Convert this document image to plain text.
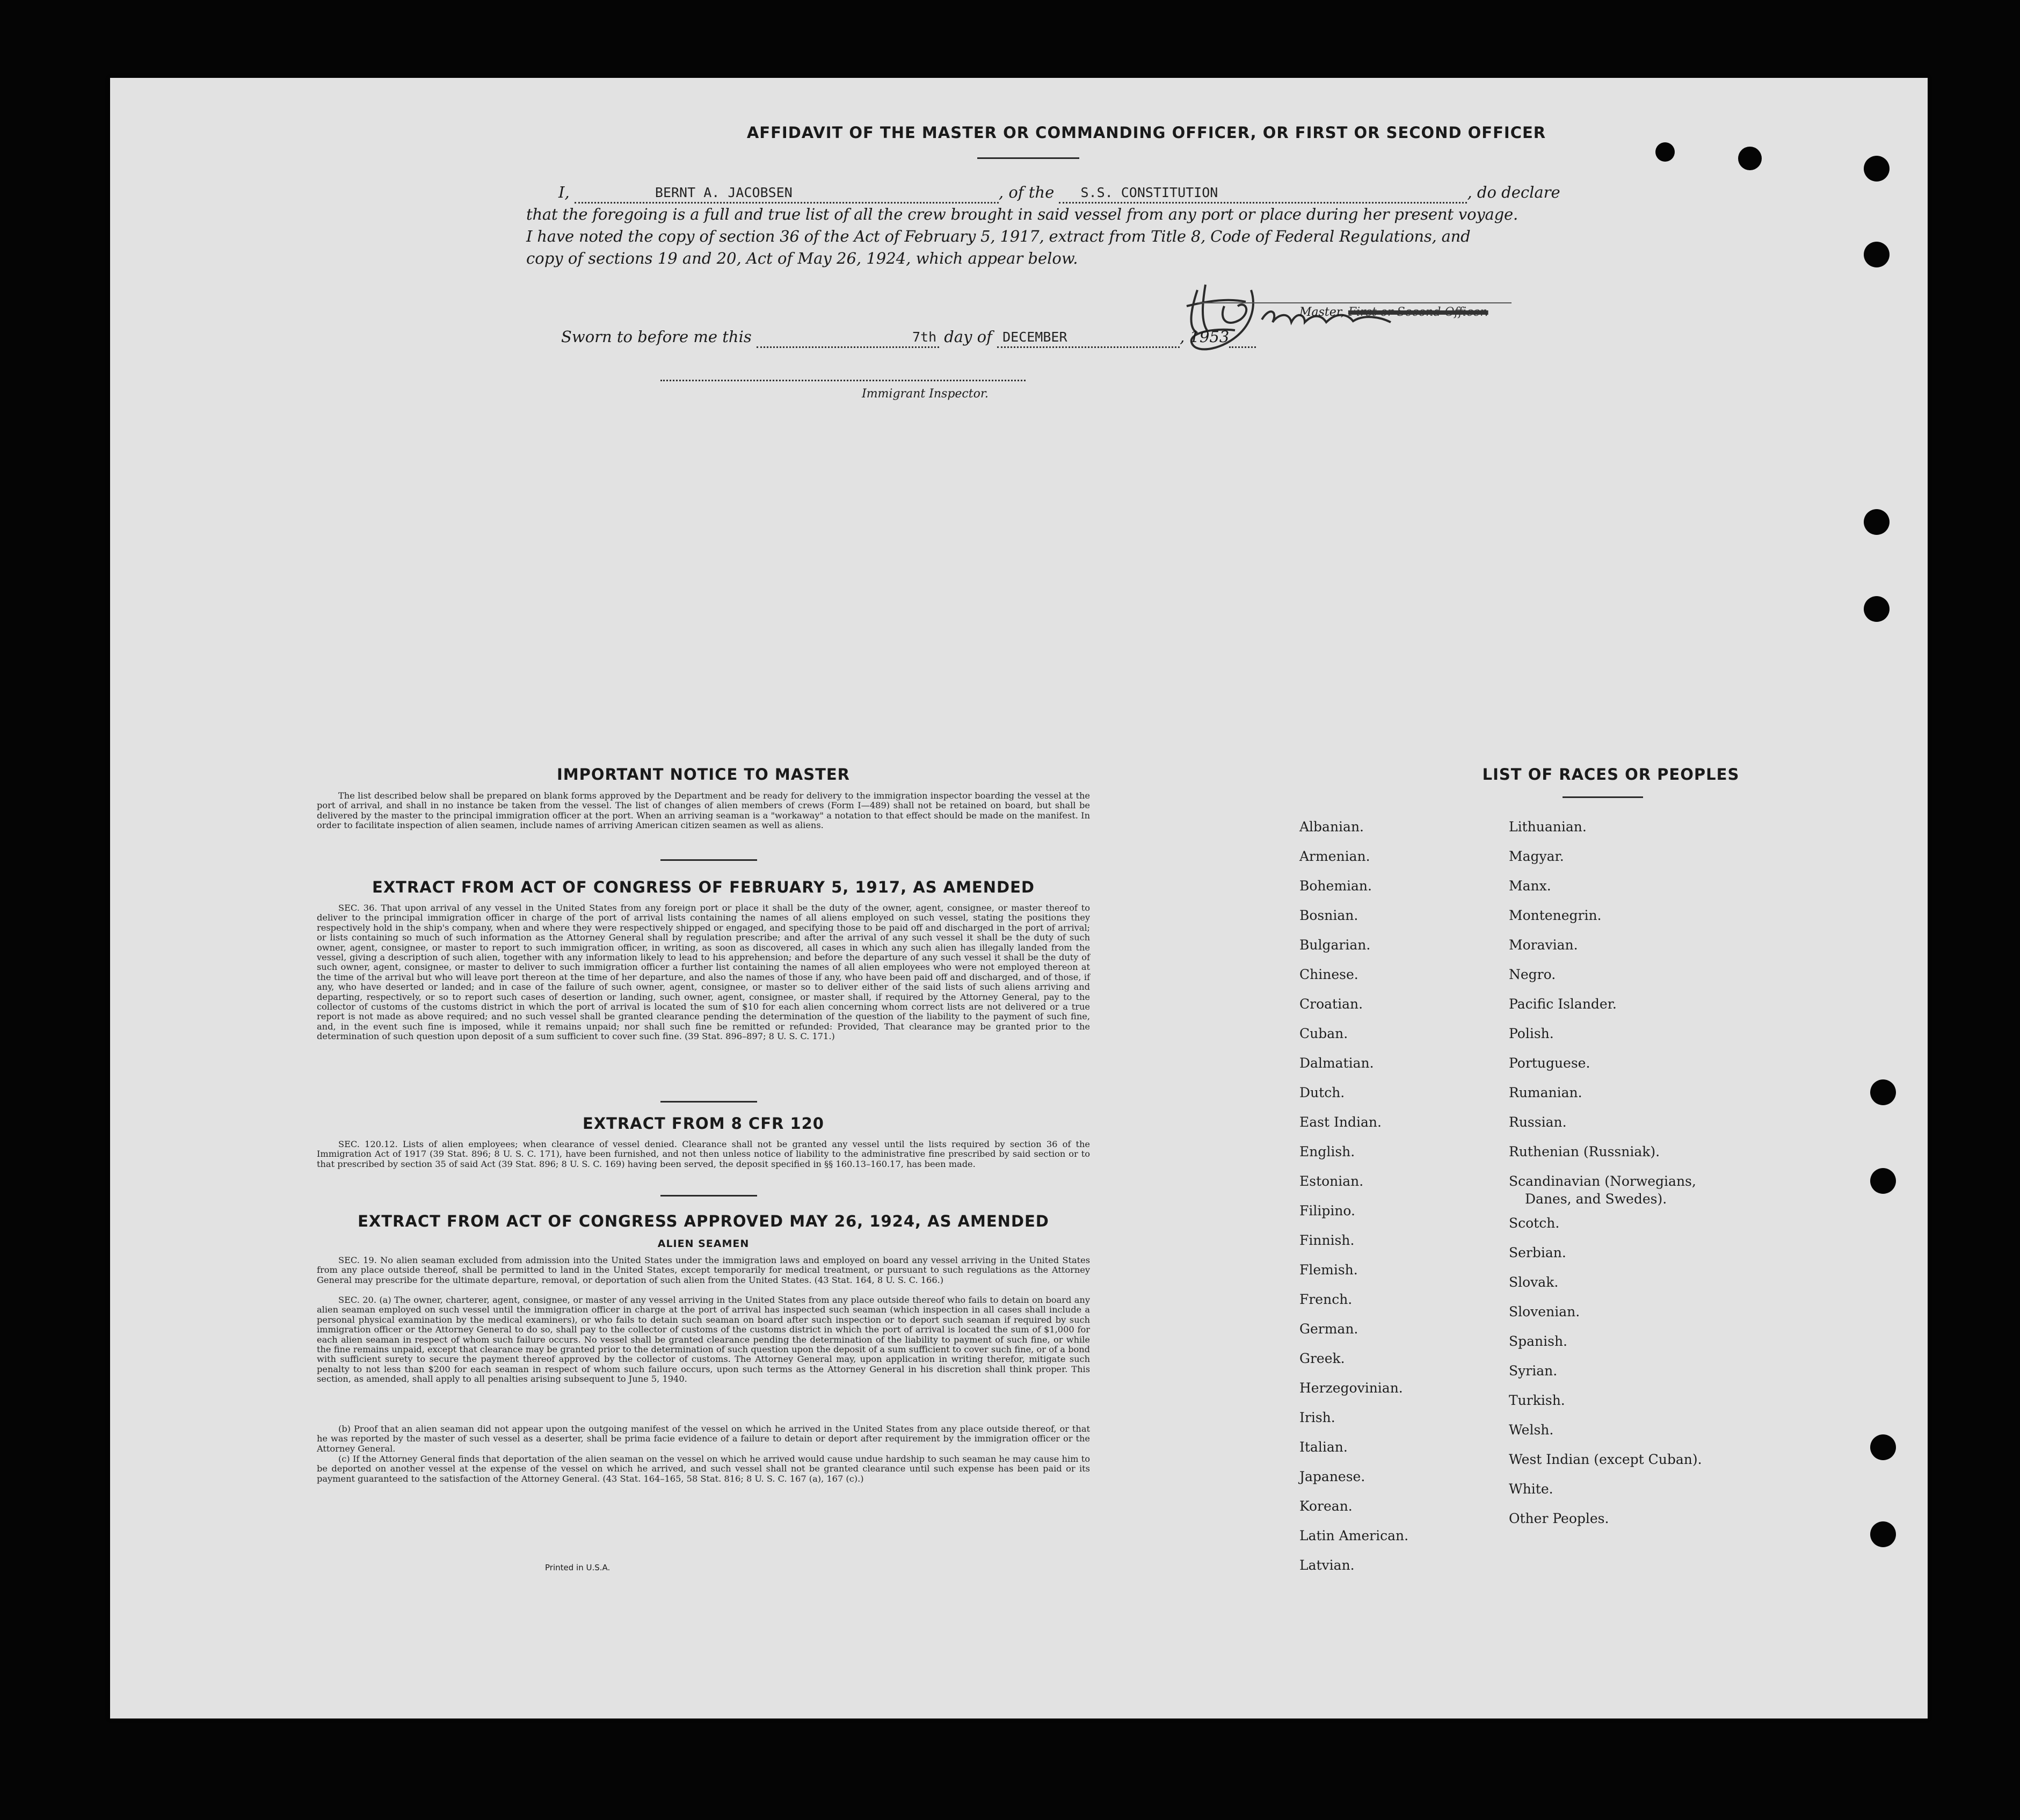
AFFIDAVIT OF THE MASTER OR COMMANDING OFFICER, OR FIRST OR SECOND OFFICER
I,	BERNT A. JACOBSEN	, of the S.S. CONSTITUTION	, do declare
that the foregoing is a full and true list of all the crew brought in said vessel from any port or place during her present voyage.
I have noted the copy of section 36 of the Act of February 5, 1917, extract from Title 8, Code of Federal Regulations, and
copy of sections 19 and 20, Act of May 26, 1924, which appear below.
Master, First or Second Officer.
Sworn to before me this	7th day of DECEMBER	, 1953
Immigrant Inspector.
IMPORTANT NOTICE TO MASTER
The list described below shall be prepared on blank forms approved by the Department and be ready for delivery to the immigration inspector boarding the vessel at the port of arrival, and shall in no instance be taken from the vessel. The list of changes of alien members of crews (Form I—489) shall not be retained on board, but shall be delivered by the master to the principal immigration officer at the port. When an arriving seaman is a "workaway" a notation to that effect should be made on the manifest. In order to facilitate inspection of alien seamen, include names of arriving American citizen seamen as well as aliens.
EXTRACT FROM ACT OF CONGRESS OF FEBRUARY 5, 1917, AS AMENDED
SEC. 36. That upon arrival of any vessel in the United States from any foreign port or place it shall be the duty of the owner, agent, consignee, or master thereof to deliver to the principal immigration officer in charge of the port of arrival lists containing the names of all aliens employed on such vessel, stating the positions they respectively hold in the ship's company, when and where they were respectively shipped or engaged, and specifying those to be paid off and discharged in the port of arrival; or lists containing so much of such information as the Attorney General shall by regulation prescribe; and after the arrival of any such vessel it shall be the duty of such owner, agent, consignee, or master to report to such immigration officer, in writing, as soon as discovered, all cases in which any such alien has illegally landed from the vessel, giving a description of such alien, together with any information likely to lead to his apprehension; and before the departure of any such vessel it shall be the duty of such owner, agent, consignee, or master to deliver to such immigration officer a further list containing the names of all alien employees who were not employed thereon at the time of the arrival but who will leave port thereon at the time of her departure, and also the names of those if any, who have been paid off and discharged, and of those, if any, who have deserted or landed; and in case of the failure of such owner, agent, consignee, or master so to deliver either of the said lists of such aliens arriving and departing, respectively, or so to report such cases of desertion or landing, such owner, agent, consignee, or master shall, if required by the Attorney General, pay to the collector of customs of the customs district in which the port of arrival is located the sum of $10 for each alien concerning whom correct lists are not delivered or a true report is not made as above required; and no such vessel shall be granted clearance pending the determination of the question of the liability to the payment of such fine, and, in the event such fine is imposed, while it remains unpaid; nor shall such fine be remitted or refunded: Provided, That clearance may be granted prior to the determination of such question upon deposit of a sum sufficient to cover such fine. (39 Stat. 896–897; 8 U. S. C. 171.)
EXTRACT FROM 8 CFR 120
SEC. 120.12. Lists of alien employees; when clearance of vessel denied. Clearance shall not be granted any vessel until the lists required by section 36 of the Immigration Act of 1917 (39 Stat. 896; 8 U. S. C. 171), have been furnished, and not then unless notice of liability to the administrative fine prescribed by said section or to that prescribed by section 35 of said Act (39 Stat. 896; 8 U. S. C. 169) having been served, the deposit specified in §§ 160.13–160.17, has been made.
EXTRACT FROM ACT OF CONGRESS APPROVED MAY 26, 1924, AS AMENDED
ALIEN SEAMEN
SEC. 19. No alien seaman excluded from admission into the United States under the immigration laws and employed on board any vessel arriving in the United States from any place outside thereof, shall be permitted to land in the United States, except temporarily for medical treatment, or pursuant to such regulations as the Attorney General may prescribe for the ultimate departure, removal, or deportation of such alien from the United States. (43 Stat. 164, 8 U. S. C. 166.)
SEC. 20. (a) The owner, charterer, agent, consignee, or master of any vessel arriving in the United States from any place outside thereof who fails to detain on board any alien seaman employed on such vessel until the immigration officer in charge at the port of arrival has inspected such seaman (which inspection in all cases shall include a personal physical examination by the medical examiners), or who fails to detain such seaman on board after such inspection or to deport such seaman if required by such immigration officer or the Attorney General to do so, shall pay to the collector of customs of the customs district in which the port of arrival is located the sum of $1,000 for each alien seaman in respect of whom such failure occurs. No vessel shall be granted clearance pending the determination of the liability to payment of such fine, or while the fine remains unpaid, except that clearance may be granted prior to the determination of such question upon the deposit of a sum sufficient to cover such fine, or of a bond with sufficient surety to secure the payment thereof approved by the collector of customs. The Attorney General may, upon application in writing therefor, mitigate such penalty to not less than $200 for each seaman in respect of whom such failure occurs, upon such terms as the Attorney General in his discretion shall think proper. This section, as amended, shall apply to all penalties arising subsequent to June 5, 1940.
(b) Proof that an alien seaman did not appear upon the outgoing manifest of the vessel on which he arrived in the United States from any place outside thereof, or that he was reported by the master of such vessel as a deserter, shall be prima facie evidence of a failure to detain or deport after requirement by the immigration officer or the Attorney General.
(c) If the Attorney General finds that deportation of the alien seaman on the vessel on which he arrived would cause undue hardship to such seaman he may cause him to be deported on another vessel at the expense of the vessel on which he arrived, and such vessel shall not be granted clearance until such expense has been paid or its payment guaranteed to the satisfaction of the Attorney General. (43 Stat. 164–165, 58 Stat. 816; 8 U. S. C. 167 (a), 167 (c).)
Printed in U.S.A.
LIST OF RACES OR PEOPLES
Albanian.
Armenian.
Bohemian.
Bosnian.
Bulgarian.
Chinese.
Croatian.
Cuban.
Dalmatian.
Dutch.
East Indian.
English.
Estonian.
Filipino.
Finnish.
Flemish.
French.
German.
Greek.
Herzegovinian.
Irish.
Italian.
Japanese.
Korean.
Latin American.
Latvian.
Lithuanian.
Magyar.
Manx.
Montenegrin.
Moravian.
Negro.
Pacific Islander.
Polish.
Portuguese.
Rumanian.
Russian.
Ruthenian (Russniak).
Scandinavian (Norwegians,
Danes, and Swedes).
Scotch.
Serbian.
Slovak.
Slovenian.
Spanish.
Syrian.
Turkish.
Welsh.
West Indian (except Cuban).
White.
Other Peoples.
